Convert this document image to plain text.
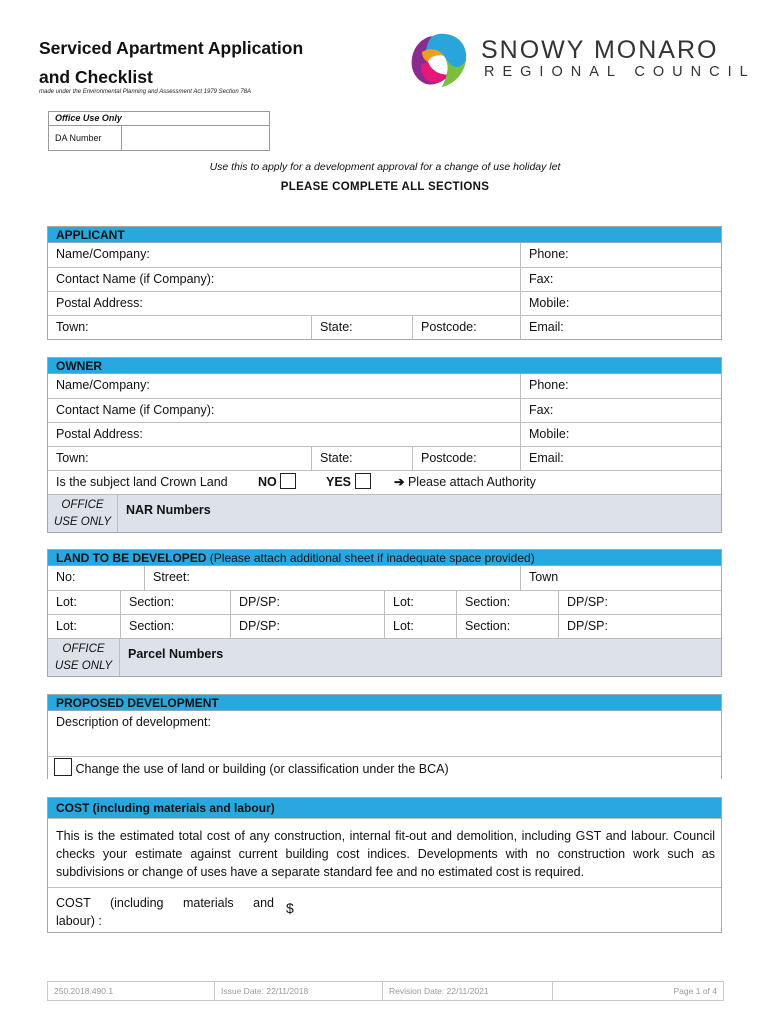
Serviced Apartment Application
and Checklist
made under the Environmental Planning and Assessment Act 1979 Section 78A
SNOWY MONARO
REGIONAL COUNCIL
Office Use Only
DA Number
Use this to apply for a development approval for a change of use holiday let
PLEASE COMPLETE ALL SECTIONS
APPLICANT
Name/Company:	Phone:
Contact Name (if Company):	Fax:
Postal Address:	Mobile:
Town:	State:	Postcode:	Email:
OWNER
Name/Company:	Phone:
Contact Name (if Company):	Fax:
Postal Address:	Mobile:
Town:	State:	Postcode:	Email:
Is the subject land Crown Land	NO	YES	➔ Please attach Authority
OFFICE
USE ONLY
NAR Numbers
LAND TO BE DEVELOPED (Please attach additional sheet if inadequate space provided)
No:	Street:	Town
Lot:	Section:	DP/SP:	Lot:	Section:	DP/SP:
Lot:	Section:	DP/SP:	Lot:	Section:	DP/SP:
OFFICE
USE ONLY
Parcel Numbers
PROPOSED DEVELOPMENT
Description of development:
Change the use of land or building (or classification under the BCA)
COST (including materials and labour)
This is the estimated total cost of any construction, internal fit-out and demolition, including GST and labour. Council checks your estimate against current building cost indices. Developments with no construction work such as subdivisions or change of uses have a separate standard fee and no estimated cost is required.
COST (including materials and
labour) :
$
250.2018.490.1	Issue Date: 22/11/2018	Revision Date: 22/11/2021	Page 1 of 4
